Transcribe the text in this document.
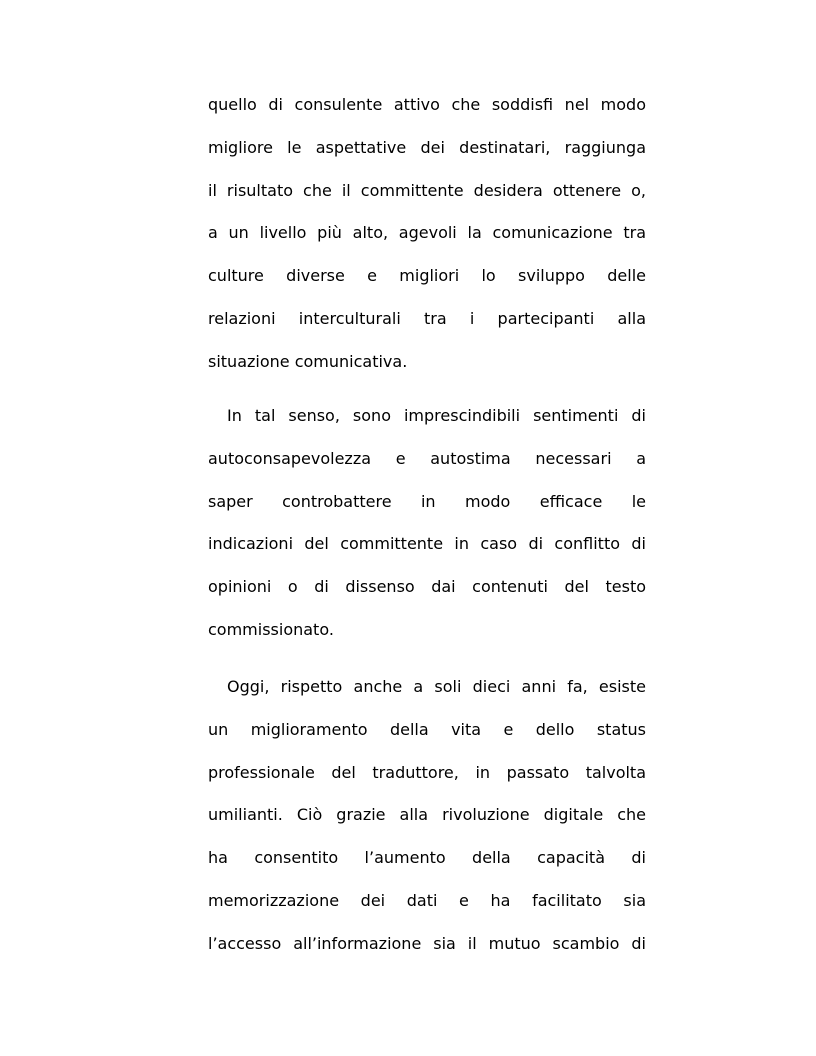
quello di consulente attivo che soddisfi nel modo
migliore le aspettative dei destinatari, raggiunga
il risultato che il committente desidera ottenere o,
a un livello più alto, agevoli la comunicazione tra
culture diverse e migliori lo sviluppo delle
relazioni interculturali tra i partecipanti alla
situazione comunicativa.
In tal senso, sono imprescindibili sentimenti di
autoconsapevolezza e autostima necessari a
saper controbattere in modo efficace le
indicazioni del committente in caso di conflitto di
opinioni o di dissenso dai contenuti del testo
commissionato.
Oggi, rispetto anche a soli dieci anni fa, esiste
un miglioramento della vita e dello status
professionale del traduttore, in passato talvolta
umilianti. Ciò grazie alla rivoluzione digitale che
ha consentito l’aumento della capacità di
memorizzazione dei dati e ha facilitato sia
l’accesso all’informazione sia il mutuo scambio di
